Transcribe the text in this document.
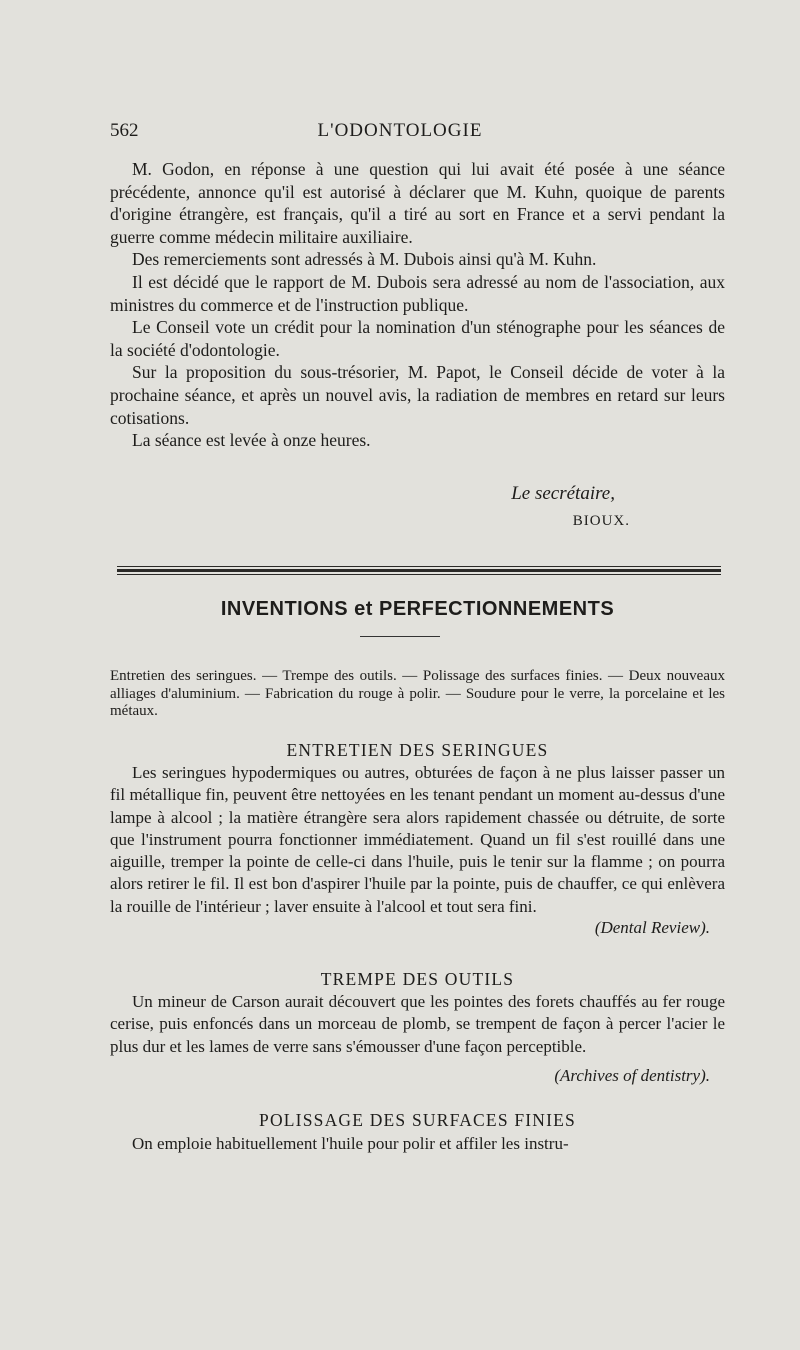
562	L'ODONTOLOGIE

M. Godon, en réponse à une question qui lui avait été posée à une séance précédente, annonce qu'il est autorisé à déclarer que M. Kuhn, quoique de parents d'origine étrangère, est français, qu'il a tiré au sort en France et a servi pendant la guerre comme médecin militaire auxiliaire.

Des remerciements sont adressés à M. Dubois ainsi qu'à M. Kuhn.

Il est décidé que le rapport de M. Dubois sera adressé au nom de l'association, aux ministres du commerce et de l'instruction publique.

Le Conseil vote un crédit pour la nomination d'un sténographe pour les séances de la société d'odontologie.

Sur la proposition du sous-trésorier, M. Papot, le Conseil décide de voter à la prochaine séance, et après un nouvel avis, la radiation de membres en retard sur leurs cotisations.

La séance est levée à onze heures.

Le secrétaire,
BIOUX.
INVENTIONS et PERFECTIONNEMENTS

Entretien des seringues. — Trempe des outils. — Polissage des surfaces finies. — Deux nouveaux alliages d'aluminium. — Fabrication du rouge à polir. — Soudure pour le verre, la porcelaine et les métaux.

ENTRETIEN DES SERINGUES

Les seringues hypodermiques ou autres, obturées de façon à ne plus laisser passer un fil métallique fin, peuvent être nettoyées en les tenant pendant un moment au-dessus d'une lampe à alcool ; la matière étrangère sera alors rapidement chassée ou détruite, de sorte que l'instrument pourra fonctionner immédiatement. Quand un fil s'est rouillé dans une aiguille, tremper la pointe de celle-ci dans l'huile, puis le tenir sur la flamme ; on pourra alors retirer le fil. Il est bon d'aspirer l'huile par la pointe, puis de chauffer, ce qui enlèvera la rouille de l'intérieur ; laver ensuite à l'alcool et tout sera fini.

(Dental Review).
TREMPE DES OUTILS

Un mineur de Carson aurait découvert que les pointes des forets chauffés au fer rouge cerise, puis enfoncés dans un morceau de plomb, se trempent de façon à percer l'acier le plus dur et les lames de verre sans s'émousser d'une façon perceptible.

(Archives of dentistry).
POLISSAGE DES SURFACES FINIES

On emploie habituellement l'huile pour polir et affiler les instru-
